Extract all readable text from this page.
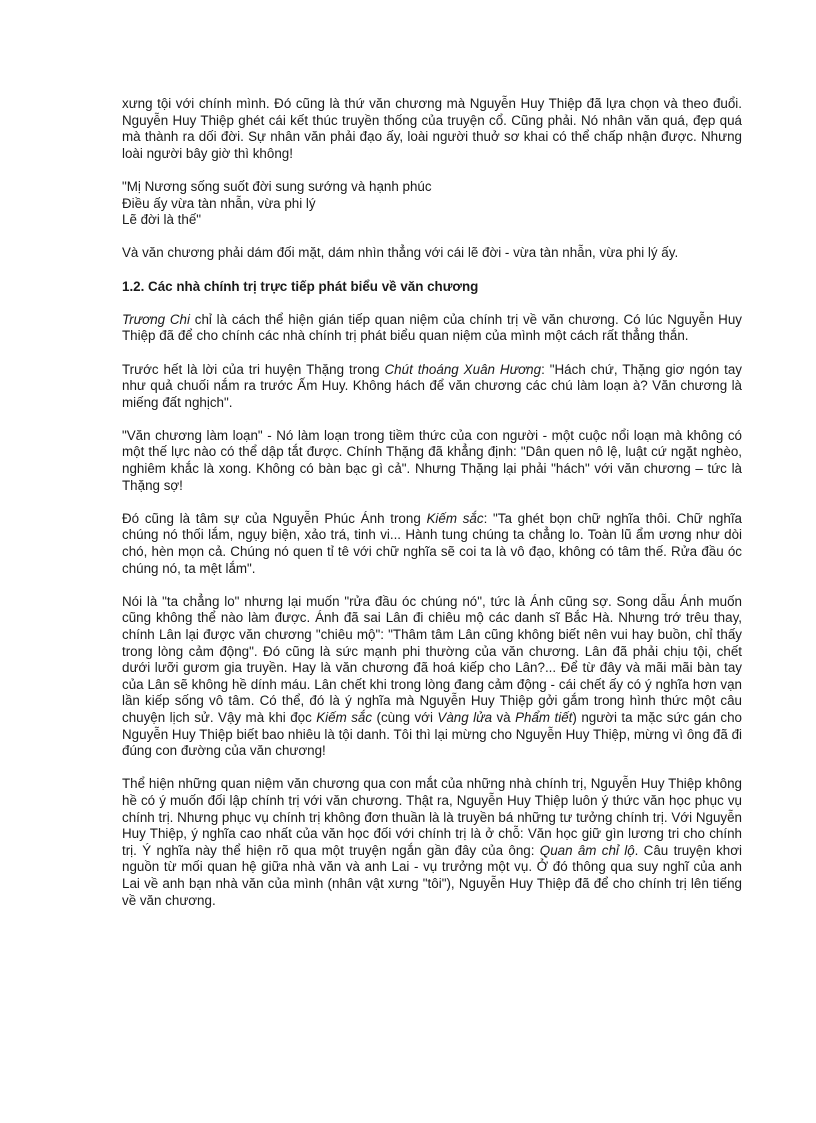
xưng tội với chính mình. Đó cũng là thứ văn chương mà Nguyễn Huy Thiệp đã lựa chọn và theo đuổi. Nguyễn Huy Thiệp ghét cái kết thúc truyền thống của truyện cổ. Cũng phải. Nó nhân văn quá, đẹp quá mà thành ra dối đời. Sự nhân văn phải đạo ấy, loài người thuở sơ khai có thể chấp nhận được. Nhưng loài người bây giờ thì không!

"Mị Nương sống suốt đời sung sướng và hạnh phúc
Điều ấy vừa tàn nhẫn, vừa phi lý
Lẽ đời là thế"

Và văn chương phải dám đối mặt, dám nhìn thẳng với cái lẽ đời - vừa tàn nhẫn, vừa phi lý ấy.

1.2. Các nhà chính trị trực tiếp phát biểu về văn chương

Trương Chi chỉ là cách thể hiện gián tiếp quan niệm của chính trị về văn chương. Có lúc Nguyễn Huy Thiệp đã để cho chính các nhà chính trị phát biểu quan niệm của mình một cách rất thẳng thắn.

Trước hết là lời của tri huyện Thặng trong Chút thoáng Xuân Hương: "Hách chứ, Thặng giơ ngón tay như quả chuối nắm ra trước Ấm Huy. Không hách để văn chương các chú làm loạn à? Văn chương là miếng đất nghịch".

"Văn chương làm loạn" - Nó làm loạn trong tiềm thức của con người - một cuộc nổi loạn mà không có một thế lực nào có thể dập tắt được. Chính Thặng đã khẳng định: "Dân quen nô lệ, luật cứ ngặt nghèo, nghiêm khắc là xong. Không có bàn bạc gì cả". Nhưng Thặng lại phải "hách" với văn chương – tức là Thặng sợ!

Đó cũng là tâm sự của Nguyễn Phúc Ánh trong Kiếm sắc: "Ta ghét bọn chữ nghĩa thôi. Chữ nghĩa chúng nó thối lắm, ngụy biện, xảo trá, tinh vi... Hành tung chúng ta chẳng lo. Toàn lũ ẩm ương như dòi chó, hèn mọn cả. Chúng nó quen tỉ tê với chữ nghĩa sẽ coi ta là vô đạo, không có tâm thế. Rửa đầu óc chúng nó, ta mệt lắm".

Nói là "ta chẳng lo" nhưng lại muốn "rửa đầu óc chúng nó", tức là Ánh cũng sợ. Song dẫu Ánh muốn cũng không thể nào làm được. Ánh đã sai Lân đi chiêu mộ các danh sĩ Bắc Hà. Nhưng trớ trêu thay, chính Lân lại được văn chương "chiêu mộ": "Thâm tâm Lân cũng không biết nên vui hay buồn, chỉ thấy trong lòng cảm động". Đó cũng là sức mạnh phi thường của văn chương. Lân đã phải chịu tội, chết dưới lưỡi gươm gia truyền. Hay là văn chương đã hoá kiếp cho Lân?... Để từ đây và mãi mãi bàn tay của Lân sẽ không hề dính máu. Lân chết khi trong lòng đang cảm động - cái chết ấy có ý nghĩa hơn vạn lần kiếp sống vô tâm. Có thể, đó là ý nghĩa mà Nguyễn Huy Thiệp gởi gắm trong hình thức một câu chuyện lịch sử. Vậy mà khi đọc Kiếm sắc (cùng với Vàng lửa và Phẩm tiết) người ta mặc sức gán cho Nguyễn Huy Thiệp biết bao nhiêu là tội danh. Tôi thì lại mừng cho Nguyễn Huy Thiệp, mừng vì ông đã đi đúng con đường của văn chương!

Thể hiện những quan niệm văn chương qua con mắt của những nhà chính trị, Nguyễn Huy Thiệp không hề có ý muốn đối lập chính trị với văn chương. Thật ra, Nguyễn Huy Thiệp luôn ý thức văn học phục vụ chính trị. Nhưng phục vụ chính trị không đơn thuần là là truyền bá những tư tưởng chính trị. Với Nguyễn Huy Thiệp, ý nghĩa cao nhất của văn học đối với chính trị là ở chỗ: Văn học giữ gìn lương tri cho chính trị. Ý nghĩa này thể hiện rõ qua một truyện ngắn gần đây của ông: Quan âm chỉ lộ. Câu truyện khơi nguồn từ mối quan hệ giữa nhà văn và anh Lai - vụ trưởng một vụ. Ở đó thông qua suy nghĩ của anh Lai về anh bạn nhà văn của mình (nhân vật xưng "tôi"), Nguyễn Huy Thiệp đã để cho chính trị lên tiếng về văn chương.
